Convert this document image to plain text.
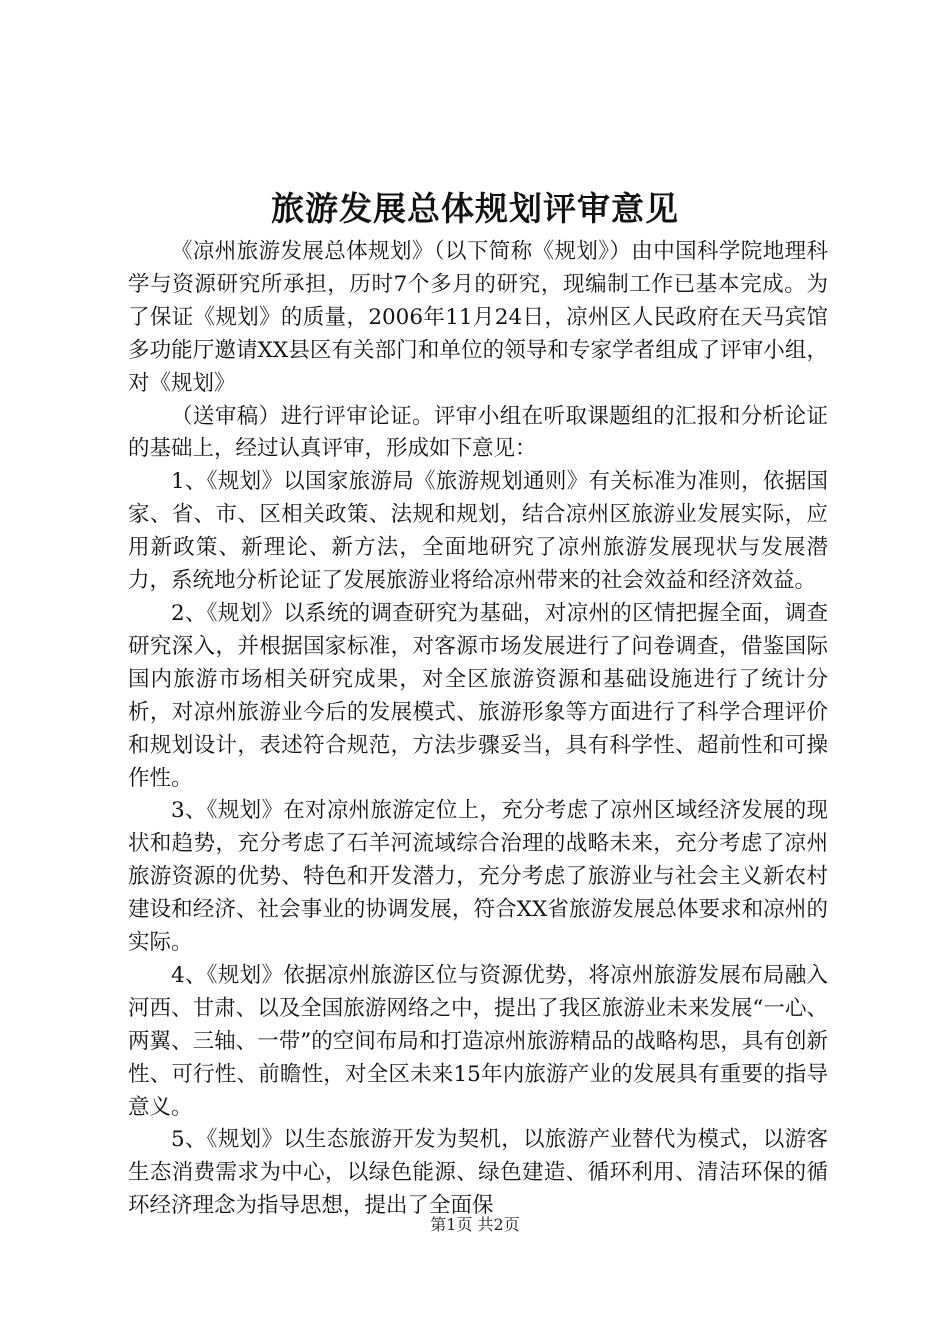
旅游发展总体规划评审意见

《凉州旅游发展总体规划》（以下简称《规划》）由中国科学院地理科学与资源研究所承担，历时7个多月的研究，现编制工作已基本完成。为了保证《规划》的质量，2006年11月24日，凉州区人民政府在天马宾馆多功能厅邀请XX县区有关部门和单位的领导和专家学者组成了评审小组，对《规划》

（送审稿）进行评审论证。评审小组在听取课题组的汇报和分析论证的基础上，经过认真评审，形成如下意见：

1、《规划》以国家旅游局《旅游规划通则》有关标准为准则，依据国家、省、市、区相关政策、法规和规划，结合凉州区旅游业发展实际，应用新政策、新理论、新方法，全面地研究了凉州旅游发展现状与发展潜力，系统地分析论证了发展旅游业将给凉州带来的社会效益和经济效益。

2、《规划》以系统的调查研究为基础，对凉州的区情把握全面，调查研究深入，并根据国家标准，对客源市场发展进行了问卷调查，借鉴国际国内旅游市场相关研究成果，对全区旅游资源和基础设施进行了统计分析，对凉州旅游业今后的发展模式、旅游形象等方面进行了科学合理评价和规划设计，表述符合规范，方法步骤妥当，具有科学性、超前性和可操作性。

3、《规划》在对凉州旅游定位上，充分考虑了凉州区域经济发展的现状和趋势，充分考虑了石羊河流域综合治理的战略未来，充分考虑了凉州旅游资源的优势、特色和开发潜力，充分考虑了旅游业与社会主义新农村建设和经济、社会事业的协调发展，符合XX省旅游发展总体要求和凉州的实际。

4、《规划》依据凉州旅游区位与资源优势，将凉州旅游发展布局融入河西、甘肃、以及全国旅游网络之中，提出了我区旅游业未来发展“一心、两翼、三轴、一带”的空间布局和打造凉州旅游精品的战略构思，具有创新性、可行性、前瞻性，对全区未来15年内旅游产业的发展具有重要的指导意义。

5、《规划》以生态旅游开发为契机，以旅游产业替代为模式，以游客生态消费需求为中心，以绿色能源、绿色建造、循环利用、清洁环保的循环经济理念为指导思想，提出了全面保

第1页 共2页
